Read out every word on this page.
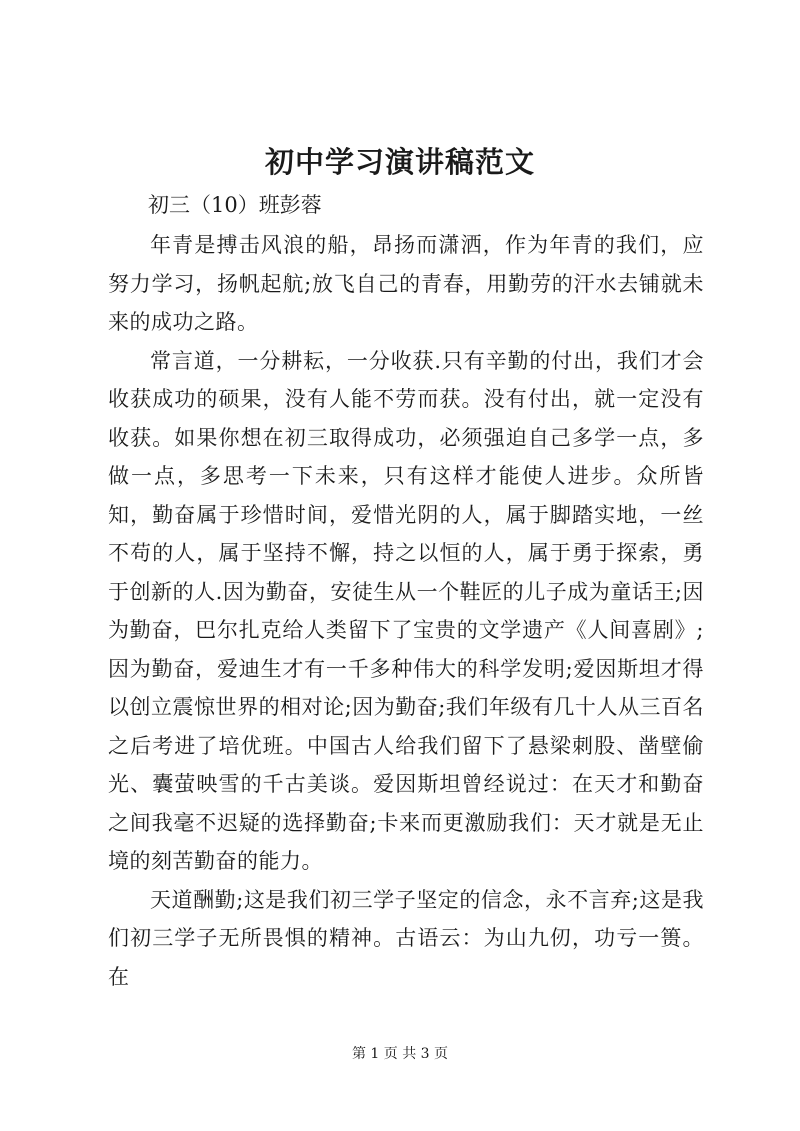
初中学习演讲稿范文
初三（10）班彭蓉

年青是搏击风浪的船，昂扬而潇洒，作为年青的我们，应努力学习，扬帆起航;放飞自己的青春，用勤劳的汗水去铺就未来的成功之路。

常言道，一分耕耘，一分收获.只有辛勤的付出，我们才会收获成功的硕果，没有人能不劳而获。没有付出，就一定没有收获。如果你想在初三取得成功，必须强迫自己多学一点，多做一点，多思考一下未来，只有这样才能使人进步。众所皆知，勤奋属于珍惜时间，爱惜光阴的人，属于脚踏实地，一丝不苟的人，属于坚持不懈，持之以恒的人，属于勇于探索，勇于创新的人.因为勤奋，安徒生从一个鞋匠的儿子成为童话王;因为勤奋，巴尔扎克给人类留下了宝贵的文学遗产《人间喜剧》;因为勤奋，爱迪生才有一千多种伟大的科学发明;爱因斯坦才得以创立震惊世界的相对论;因为勤奋;我们年级有几十人从三百名之后考进了培优班。中国古人给我们留下了悬梁刺股、凿壁偷光、囊萤映雪的千古美谈。爱因斯坦曾经说过：在天才和勤奋之间我毫不迟疑的选择勤奋;卡来而更激励我们：天才就是无止境的刻苦勤奋的能力。

天道酬勤;这是我们初三学子坚定的信念，永不言弃;这是我们初三学子无所畏惧的精神。古语云：为山九仞，功亏一篑。在

第 1 页 共 3 页
